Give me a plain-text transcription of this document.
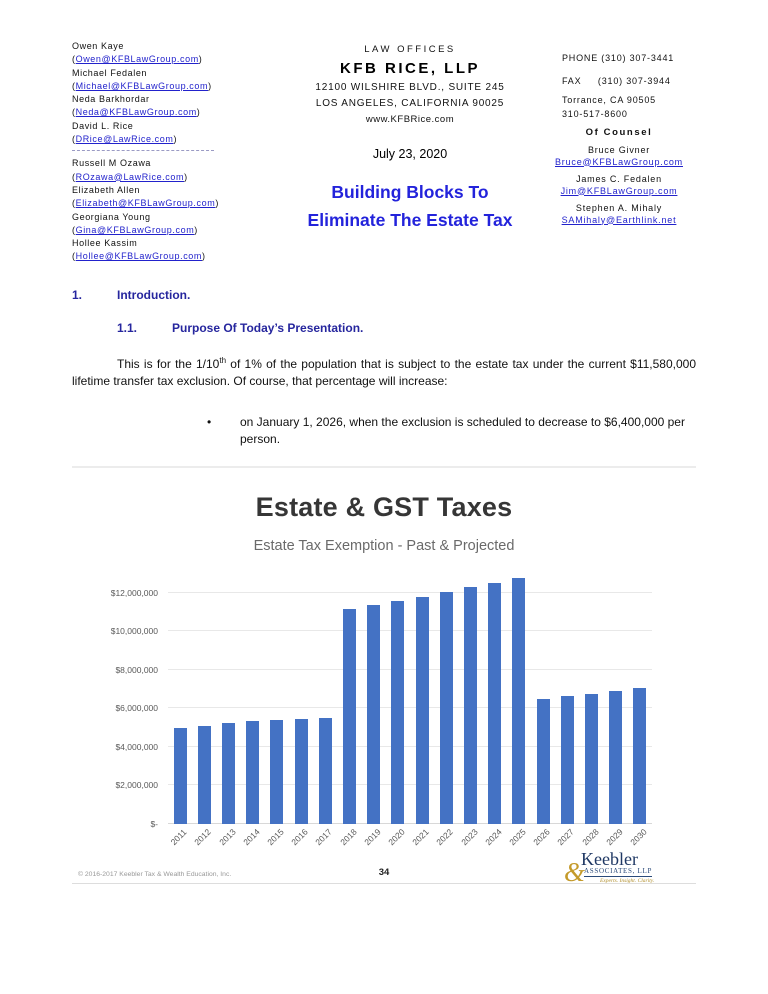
Owen Kaye
(Owen@KFBLawGroup.com)
Michael Fedalen
(Michael@KFBLawGroup.com)
Neda Barkhordar
(Neda@KFBLawGroup.com)
David L. Rice
(DRice@LawRice.com)
Russell M Ozawa
(ROzawa@LawRice.com)
Elizabeth Allen
(Elizabeth@KFBLawGroup.com)
Georgiana Young
(Gina@KFBLawGroup.com)
Hollee Kassim
(Hollee@KFBLawGroup.com)
LAW OFFICES
KFB RICE, LLP
12100 WILSHIRE BLVD., SUITE 245
LOS ANGELES, CALIFORNIA 90025
www.KFBRice.com
July 23, 2020
Building Blocks To
Eliminate The Estate Tax
PHONE (310) 307-3441
FAX     (310) 307-3944
Torrance, CA 90505
310-517-8600
Of Counsel
Bruce Givner
Bruce@KFBLawGroup.com
James C. Fedalen
Jim@KFBLawGroup.com
Stephen A. Mihaly
SAMihaly@Earthlink.net
1.	Introduction.
1.1.	Purpose Of Today’s Presentation.

This is for the 1/10th of 1% of the population that is subject to the estate tax under the current $11,580,000 lifetime transfer tax exclusion. Of course, that percentage will increase:

•	on January 1, 2026, when the exclusion is scheduled to decrease to $6,400,000 per person.
Estate & GST Taxes
Estate Tax Exemption - Past & Projected
$-
$2,000,000
$4,000,000
$6,000,000
$8,000,000
$10,000,000
$12,000,000
2011 2012 2013 2014 2015 2016 2017 2018 2019 2020 2021 2022 2023 2024 2025 2026 2027 2028 2029 2030
© 2016-2017 Keebler Tax & Wealth Education, Inc.	34	&
Keebler
ASSOCIATES, LLP
Experts. Insight. Clarity.
